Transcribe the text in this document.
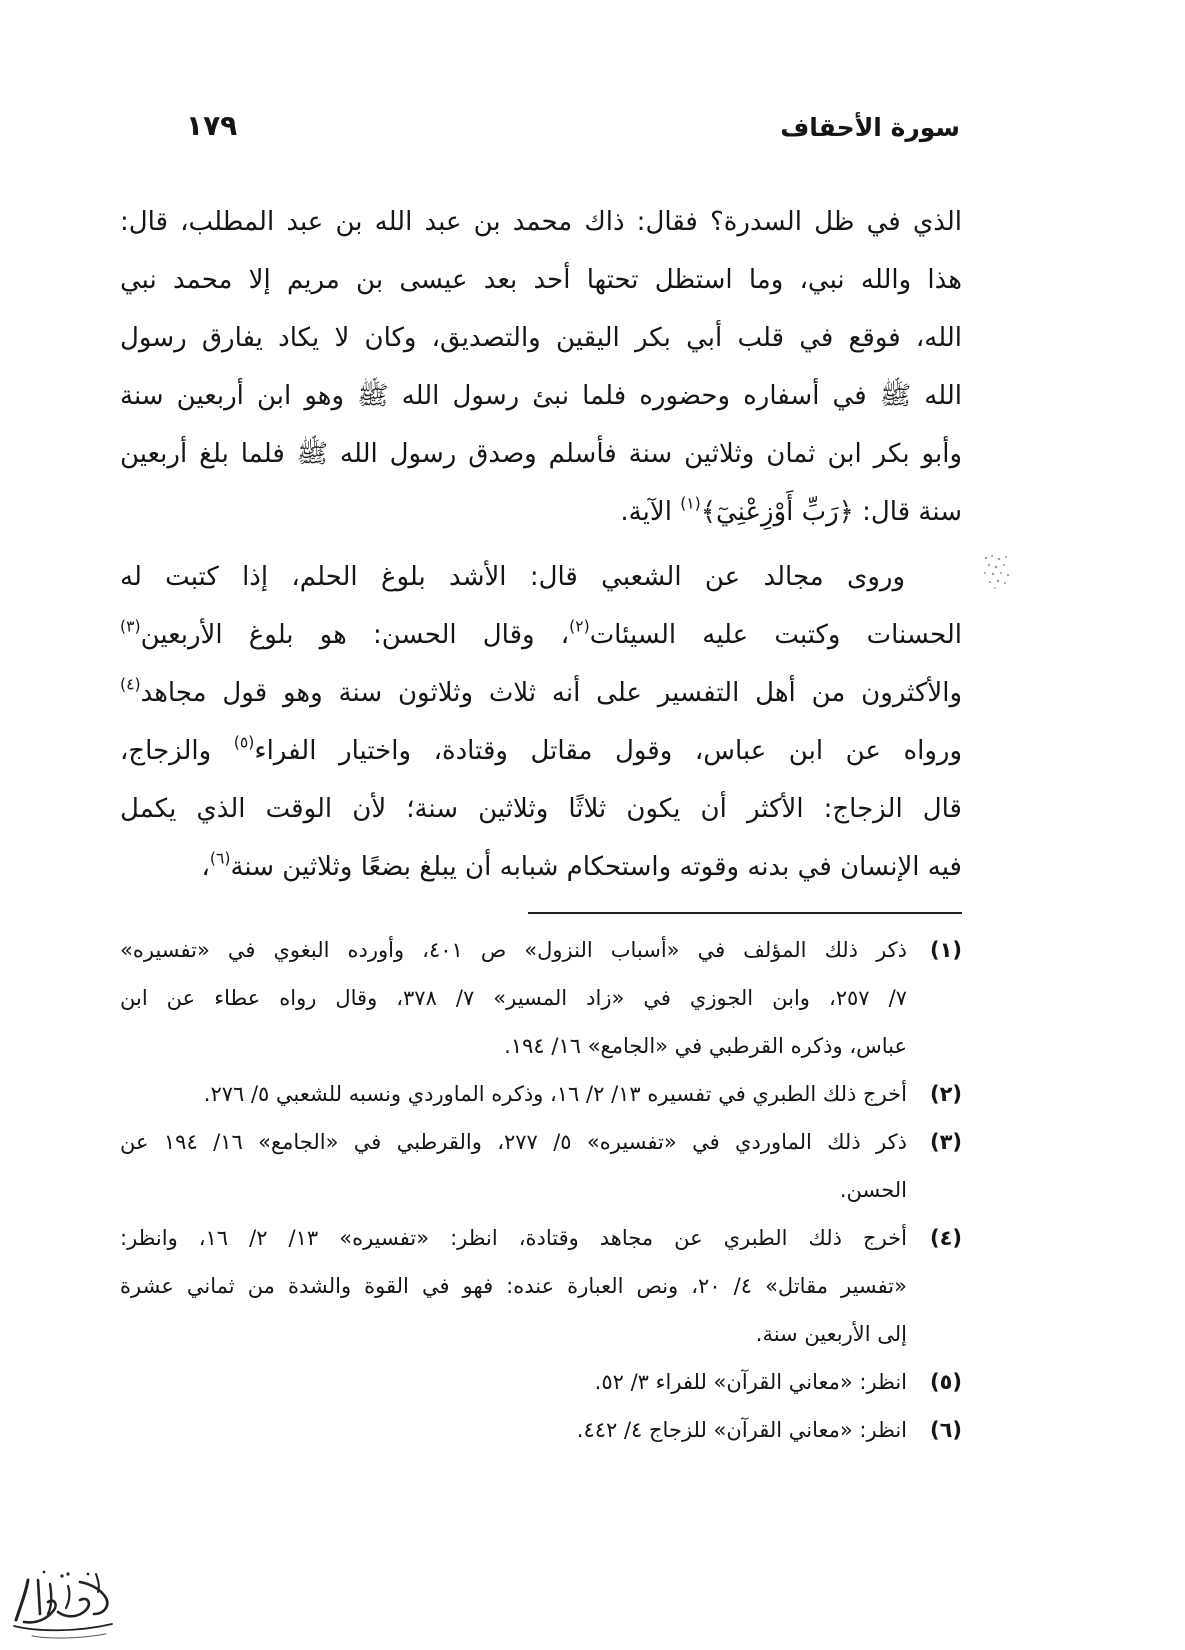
سورة الأحقاف
١٧٩
الذي في ظل السدرة؟ فقال: ذاك محمد بن عبد الله بن عبد المطلب، قال:
هذا والله نبي، وما استظل تحتها أحد بعد عيسى بن مريم إلا محمد نبي
الله، فوقع في قلب أبي بكر اليقين والتصديق، وكان لا يكاد يفارق رسول
الله ﷺ في أسفاره وحضوره فلما نبئ رسول الله ﷺ وهو ابن أربعين سنة
وأبو بكر ابن ثمان وثلاثين سنة فأسلم وصدق رسول الله ﷺ فلما بلغ أربعين
سنة قال: ﴿رَبِّ أَوْزِعْنِيٓ﴾$^{(١)}$ الآية.
وروى مجالد عن الشعبي قال: الأشد بلوغ الحلم، إذا كتبت له
الحسنات وكتبت عليه السيئات$^{(٢)}$، وقال الحسن: هو بلوغ الأربعين$^{(٣)}$
والأكثرون من أهل التفسير على أنه ثلاث وثلاثون سنة وهو قول مجاهد$^{(٤)}$
ورواه عن ابن عباس، وقول مقاتل وقتادة، واختيار الفراء$^{(٥)}$ والزجاج،
قال الزجاج: الأكثر أن يكون ثلاثًا وثلاثين سنة؛ لأن الوقت الذي يكمل
فيه الإنسان في بدنه وقوته واستحكام شبابه أن يبلغ بضعًا وثلاثين سنة$^{(٦)}$،
(١)
ذكر ذلك المؤلف في «أسباب النزول» ص ٤٠١، وأورده البغوي في «تفسيره»
٧/ ٢٥٧، وابن الجوزي في «زاد المسير» ٧/ ٣٧٨، وقال رواه عطاء عن ابن
عباس، وذكره القرطبي في «الجامع» ١٦/ ١٩٤.
(٢)
أخرج ذلك الطبري في تفسيره ١٣/ ٢/ ١٦، وذكره الماوردي ونسبه للشعبي ٥/ ٢٧٦.
(٣)
ذكر ذلك الماوردي في «تفسيره» ٥/ ٢٧٧، والقرطبي في «الجامع» ١٦/ ١٩٤ عن
الحسن.
(٤)
أخرج ذلك الطبري عن مجاهد وقتادة، انظر: «تفسيره» ١٣/ ٢/ ١٦، وانظر:
«تفسير مقاتل» ٤/ ٢٠، ونص العبارة عنده: فهو في القوة والشدة من ثماني عشرة
إلى الأربعين سنة.
(٥)
انظر: «معاني القرآن» للفراء ٣/ ٥٢.
(٦)
انظر: «معاني القرآن» للزجاج ٤/ ٤٤٢.
